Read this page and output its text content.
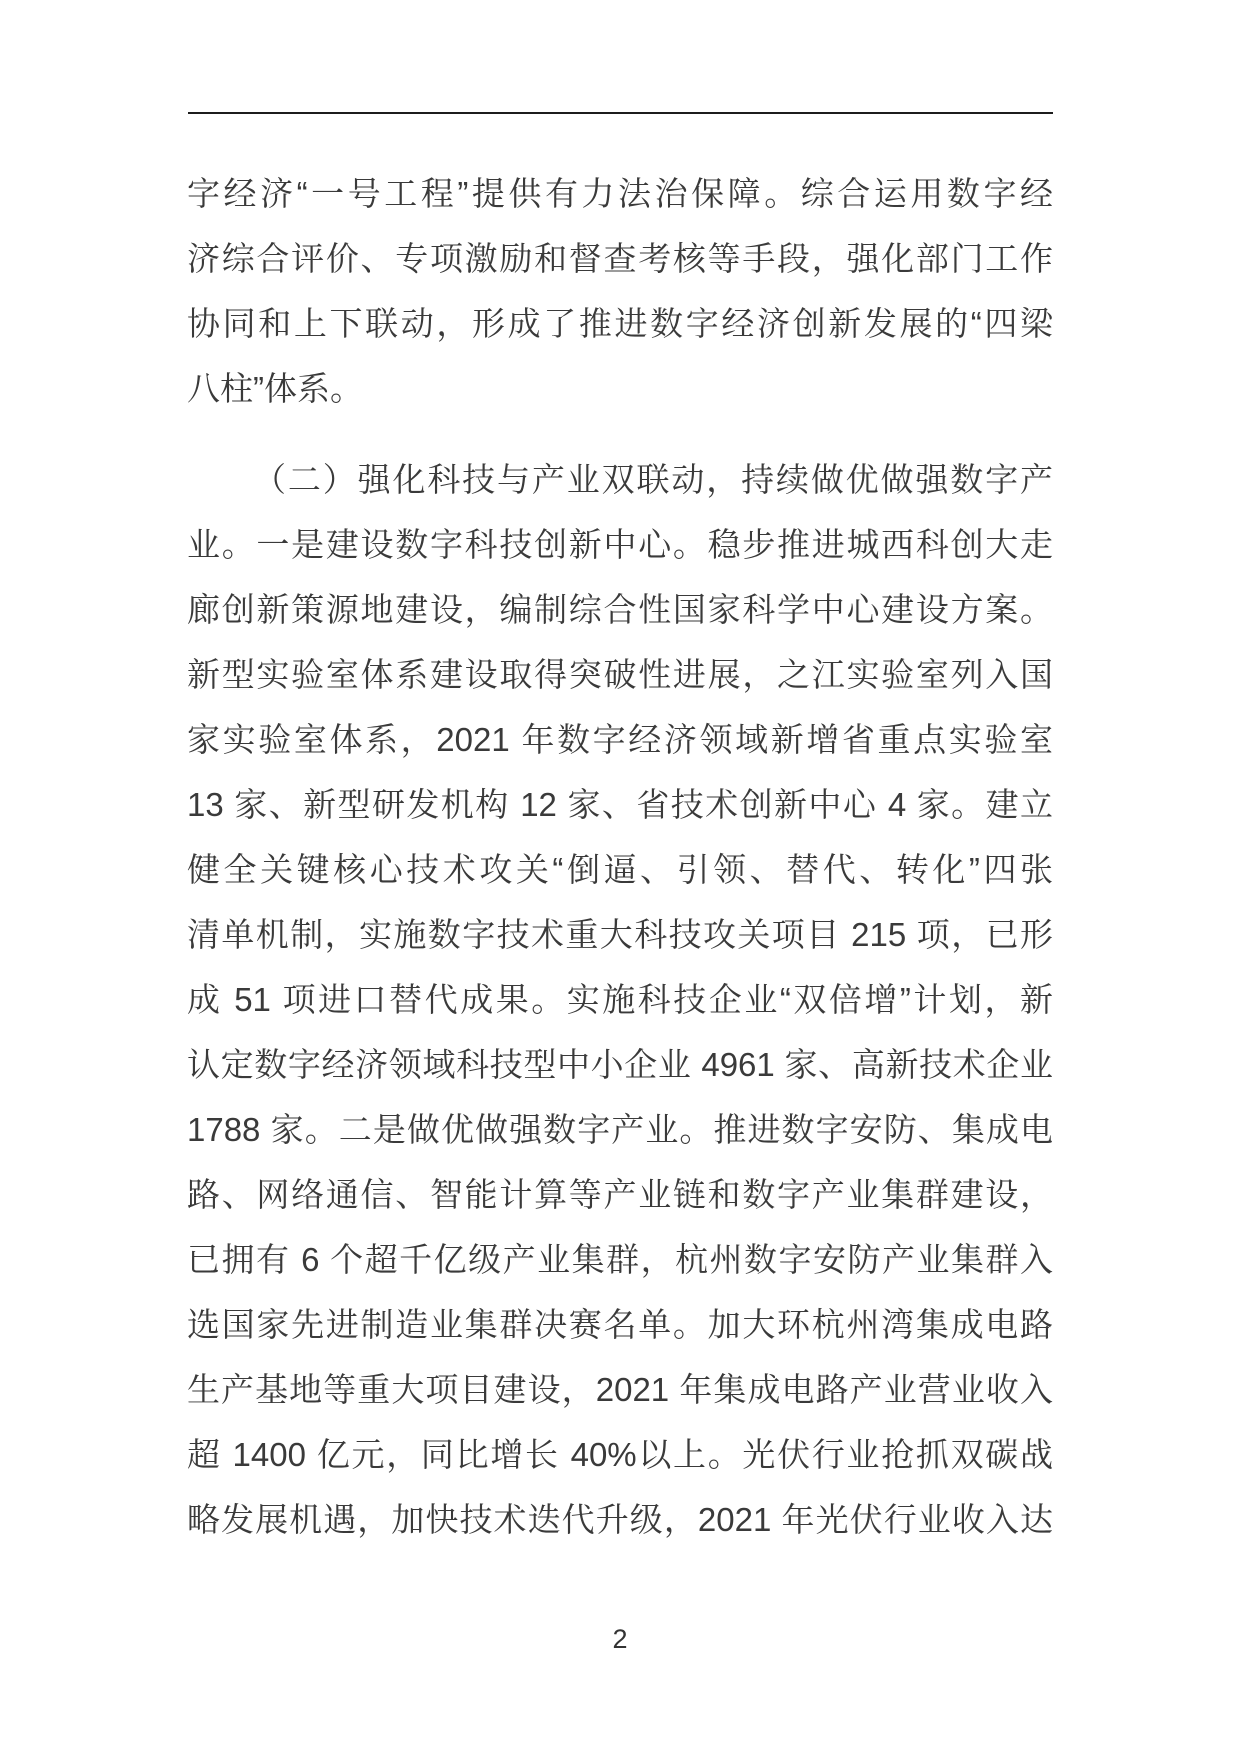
字经济“一号工程”提供有力法治保障。综合运用数字经
济综合评价、专项激励和督查考核等手段，强化部门工作
协同和上下联动，形成了推进数字经济创新发展的“四梁
八柱”体系。
（二）强化科技与产业双联动，持续做优做强数字产
业。一是建设数字科技创新中心。稳步推进城西科创大走
廊创新策源地建设，编制综合性国家科学中心建设方案。
新型实验室体系建设取得突破性进展，之江实验室列入国
家实验室体系，2021 年数字经济领域新增省重点实验室
13 家、新型研发机构 12 家、省技术创新中心 4 家。建立
健全关键核心技术攻关“倒逼、引领、替代、转化”四张
清单机制，实施数字技术重大科技攻关项目 215 项，已形
成 51 项进口替代成果。实施科技企业“双倍增”计划，新
认定数字经济领域科技型中小企业 4961 家、高新技术企业
1788 家。二是做优做强数字产业。推进数字安防、集成电
路、网络通信、智能计算等产业链和数字产业集群建设，
已拥有 6 个超千亿级产业集群，杭州数字安防产业集群入
选国家先进制造业集群决赛名单。加大环杭州湾集成电路
生产基地等重大项目建设，2021 年集成电路产业营业收入
超 1400 亿元，同比增长 40%以上。光伏行业抢抓双碳战
略发展机遇，加快技术迭代升级，2021 年光伏行业收入达
2
